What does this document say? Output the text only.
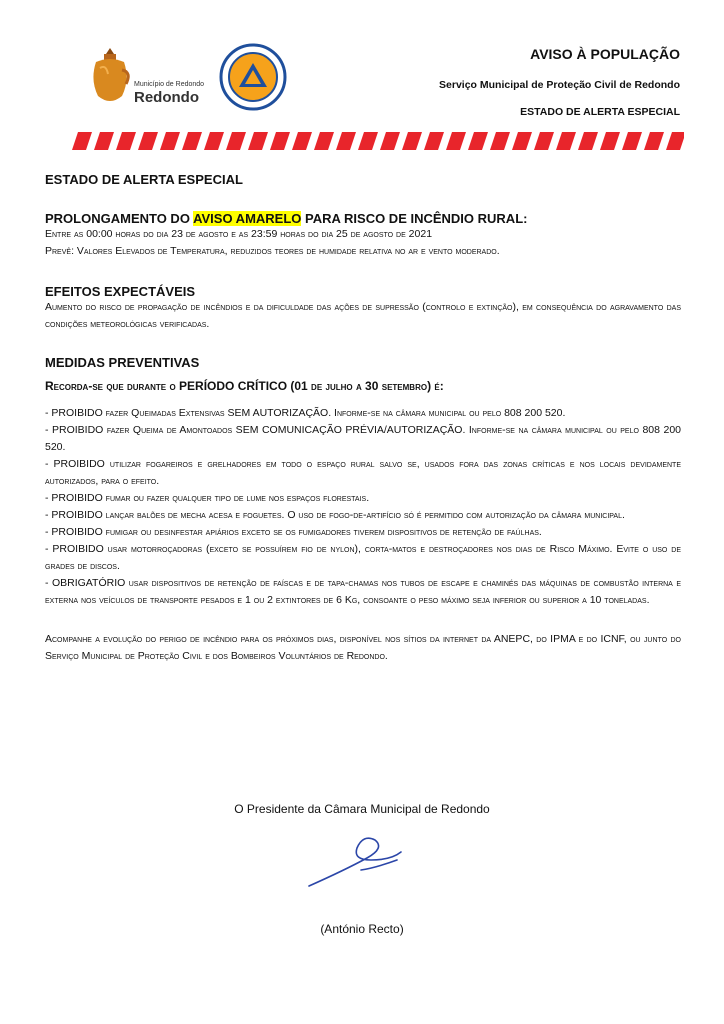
Município de Redondo
Redondo
AVISO À POPULAÇÃO
Serviço Municipal de Proteção Civil de Redondo
ESTADO DE ALERTA ESPECIAL

ESTADO DE ALERTA ESPECIAL

PROLONGAMENTO DO AVISO AMARELO PARA RISCO DE INCÊNDIO RURAL:

Entre as 00:00 horas do dia 23 de agosto e as 23:59 horas do dia 25 de agosto de 2021

Prevê: Valores Elevados de Temperatura, reduzidos teores de humidade relativa no ar e vento moderado.

EFEITOS EXPECTÁVEIS

Aumento do risco de propagação de incêndios e da dificuldade das ações de supressão (controlo e extinção), em consequência do agravamento das condições meteorológicas verificadas.

MEDIDAS PREVENTIVAS

Recorda-se que durante o PERÍODO CRÍTICO (01 de julho a 30 setembro) é:

- PROIBIDO fazer Queimadas Extensivas SEM AUTORIZAÇÃO. Informe-se na câmara municipal ou pelo 808 200 520.

- PROIBIDO fazer Queima de Amontoados SEM COMUNICAÇÃO PRÉVIA/AUTORIZAÇÃO. Informe-se na câmara municipal ou pelo 808 200 520.

- PROIBIDO utilizar fogareiros e grelhadores em todo o espaço rural salvo se, usados fora das zonas críticas e nos locais devidamente autorizados, para o efeito.

- PROIBIDO fumar ou fazer qualquer tipo de lume nos espaços florestais.

- PROIBIDO lançar balões de mecha acesa e foguetes. O uso de fogo-de-artifício só é permitido com autorização da câmara municipal.

- PROIBIDO fumigar ou desinfestar apiários exceto se os fumigadores tiverem dispositivos de retenção de faúlhas.

- PROIBIDO usar motorroçadoras (exceto se possuírem fio de nylon), corta-matos e destroçadores nos dias de Risco Máximo. Evite o uso de grades de discos.

- OBRIGATÓRIO usar dispositivos de retenção de faíscas e de tapa-chamas nos tubos de escape e chaminés das máquinas de combustão interna e externa nos veículos de transporte pesados e 1 ou 2 extintores de 6 Kg, consoante o peso máximo seja inferior ou superior a 10 toneladas.

Acompanhe a evolução do perigo de incêndio para os próximos dias, disponível nos sítios da internet da ANEPC, do IPMA e do ICNF, ou junto do Serviço Municipal de Proteção Civil e dos Bombeiros Voluntários de Redondo.

O Presidente da Câmara Municipal de Redondo
(António Recto)
